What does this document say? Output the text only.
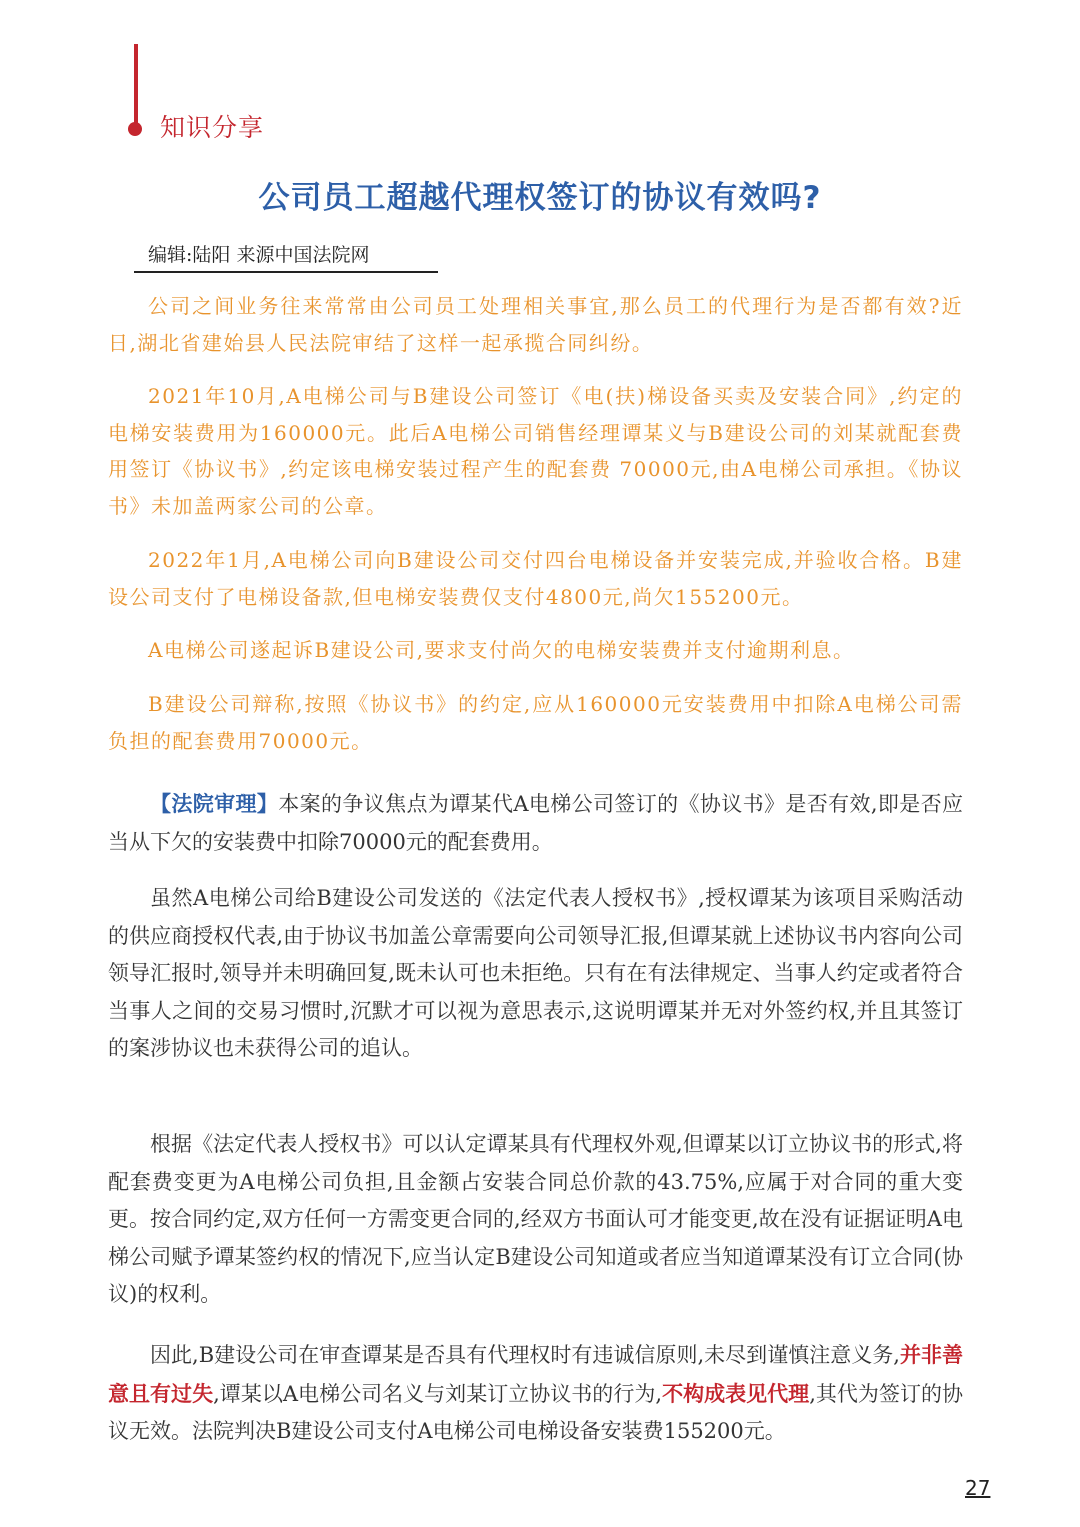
知识分享
公司员工超越代理权签订的协议有效吗?
编辑:陆阳 来源中国法院网

公司之间业务往来常常由公司员工处理相关事宜,那么员工的代理行为是否都有效?近日,湖北省建始县人民法院审结了这样一起承揽合同纠纷。

2021年10月,A电梯公司与B建设公司签订《电(扶)梯设备买卖及安装合同》,约定的电梯安装费用为160000元。此后A电梯公司销售经理谭某义与B建设公司的刘某就配套费用签订《协议书》,约定该电梯安装过程产生的配套费 70000元,由A电梯公司承担。《协议书》未加盖两家公司的公章。

2022年1月,A电梯公司向B建设公司交付四台电梯设备并安装完成,并验收合格。B建设公司支付了电梯设备款,但电梯安装费仅支付4800元,尚欠155200元。

A电梯公司遂起诉B建设公司,要求支付尚欠的电梯安装费并支付逾期利息。

B建设公司辩称,按照《协议书》的约定,应从160000元安装费用中扣除A电梯公司需负担的配套费用70000元。

【法院审理】本案的争议焦点为谭某代A电梯公司签订的《协议书》是否有效,即是否应当从下欠的安装费中扣除70000元的配套费用。

虽然A电梯公司给B建设公司发送的《法定代表人授权书》,授权谭某为该项目采购活动的供应商授权代表,由于协议书加盖公章需要向公司领导汇报,但谭某就上述协议书内容向公司领导汇报时,领导并未明确回复,既未认可也未拒绝。只有在有法律规定、当事人约定或者符合当事人之间的交易习惯时,沉默才可以视为意思表示,这说明谭某并无对外签约权,并且其签订的案涉协议也未获得公司的追认。

根据《法定代表人授权书》可以认定谭某具有代理权外观,但谭某以订立协议书的形式,将配套费变更为A电梯公司负担,且金额占安装合同总价款的43.75%,应属于对合同的重大变更。按合同约定,双方任何一方需变更合同的,经双方书面认可才能变更,故在没有证据证明A电梯公司赋予谭某签约权的情况下,应当认定B建设公司知道或者应当知道谭某没有订立合同(协议)的权利。

因此,B建设公司在审查谭某是否具有代理权时有违诚信原则,未尽到谨慎注意义务,并非善意且有过失,谭某以A电梯公司名义与刘某订立协议书的行为,不构成表见代理,其代为签订的协议无效。法院判决B建设公司支付A电梯公司电梯设备安装费155200元。

27
